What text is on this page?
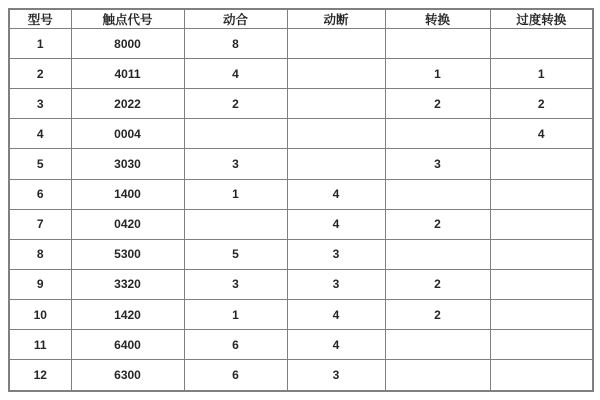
型号	触点代号	动合	动断	转换	过度转换
1	8000	8			
2	4011	4		1	1
3	2022	2		2	2
4	0004				4
5	3030	3		3	
6	1400	1	4		
7	0420		4	2	
8	5300	5	3		
9	3320	3	3	2	
10	1420	1	4	2	
11	6400	6	4		
12	6300	6	3		
